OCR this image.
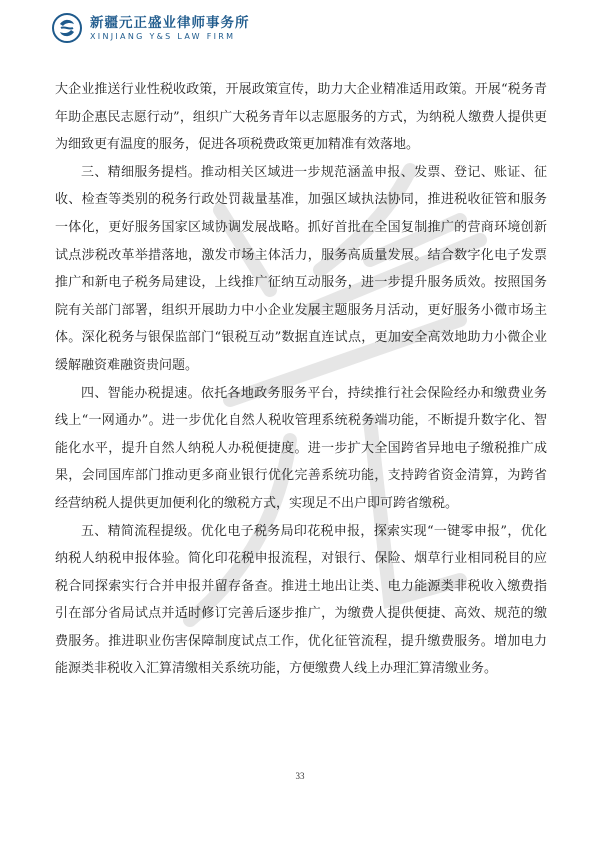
新疆元正盛业律师事务所
XINJIANG Y&S LAW FIRM

大企业推送行业性税收政策，开展政策宣传，助力大企业精准适用政策。开展“税务青年助企惠民志愿行动”，组织广大税务青年以志愿服务的方式，为纳税人缴费人提供更为细致更有温度的服务，促进各项税费政策更加精准有效落地。

三、精细服务提档。推动相关区域进一步规范涵盖申报、发票、登记、账证、征收、检查等类别的税务行政处罚裁量基准，加强区域执法协同，推进税收征管和服务一体化，更好服务国家区域协调发展战略。抓好首批在全国复制推广的营商环境创新试点涉税改革举措落地，激发市场主体活力，服务高质量发展。结合数字化电子发票推广和新电子税务局建设，上线推广征纳互动服务，进一步提升服务质效。按照国务院有关部门部署，组织开展助力中小企业发展主题服务月活动，更好服务小微市场主体。深化税务与银保监部门“银税互动”数据直连试点，更加安全高效地助力小微企业缓解融资难融资贵问题。

四、智能办税提速。依托各地政务服务平台，持续推行社会保险经办和缴费业务线上“一网通办”。进一步优化自然人税收管理系统税务端功能，不断提升数字化、智能化水平，提升自然人纳税人办税便捷度。进一步扩大全国跨省异地电子缴税推广成果，会同国库部门推动更多商业银行优化完善系统功能，支持跨省资金清算，为跨省经营纳税人提供更加便利化的缴税方式，实现足不出户即可跨省缴税。

五、精简流程提级。优化电子税务局印花税申报，探索实现“一键零申报”，优化纳税人纳税申报体验。简化印花税申报流程，对银行、保险、烟草行业相同税目的应税合同探索实行合并申报并留存备查。推进土地出让类、电力能源类非税收入缴费指引在部分省局试点并适时修订完善后逐步推广，为缴费人提供便捷、高效、规范的缴费服务。推进职业伤害保障制度试点工作，优化征管流程，提升缴费服务。增加电力能源类非税收入汇算清缴相关系统功能，方便缴费人线上办理汇算清缴业务。

33
